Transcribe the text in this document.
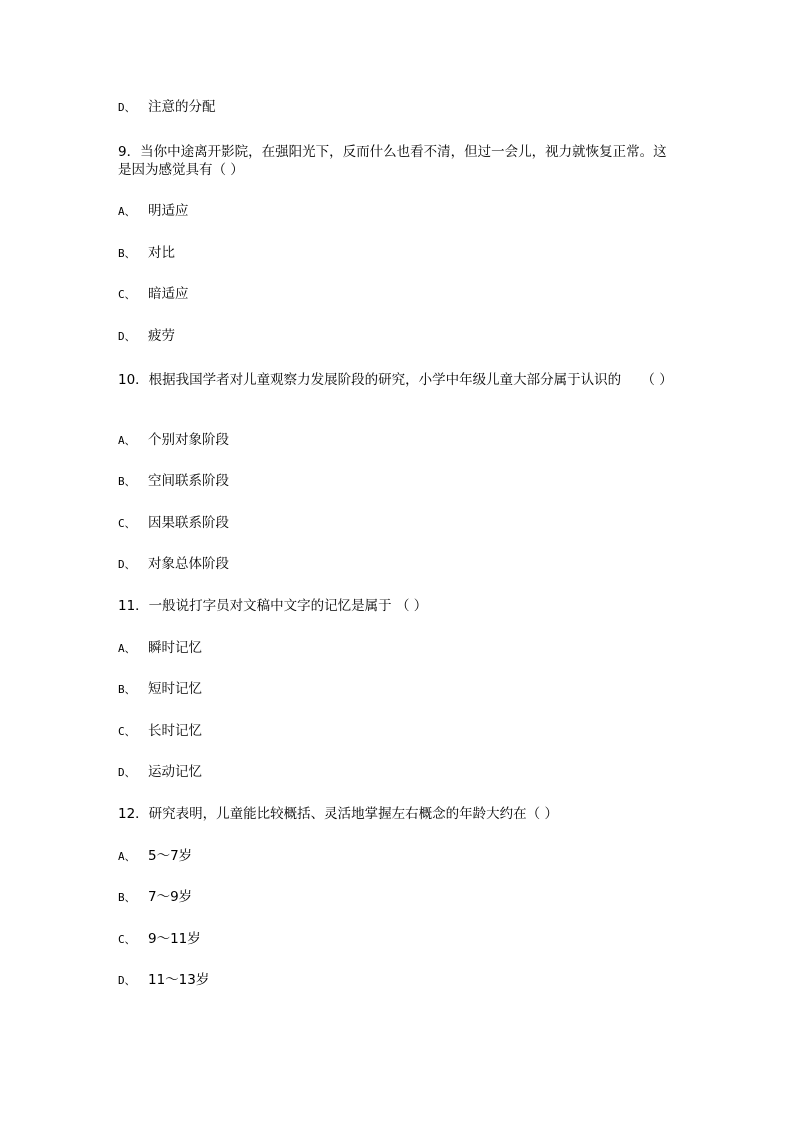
D、 注意的分配
9．当你中途离开影院，在强阳光下，反而什么也看不清，但过一会儿，视力就恢复正常。这是因为感觉具有（ ）
A、 明适应
B、 对比
C、 暗适应
D、 疲劳
10．根据我国学者对儿童观察力发展阶段的研究，小学中年级儿童大部分属于认识的　　（ ）
A、 个别对象阶段
B、 空间联系阶段
C、 因果联系阶段
D、 对象总体阶段
11．一般说打字员对文稿中文字的记忆是属于 （ ）
A、 瞬时记忆
B、 短时记忆
C、 长时记忆
D、 运动记忆
12．研究表明，儿童能比较概括、灵活地掌握左右概念的年龄大约在（ ）
A、 5～7岁
B、 7～9岁
C、 9～11岁
D、 11～13岁
